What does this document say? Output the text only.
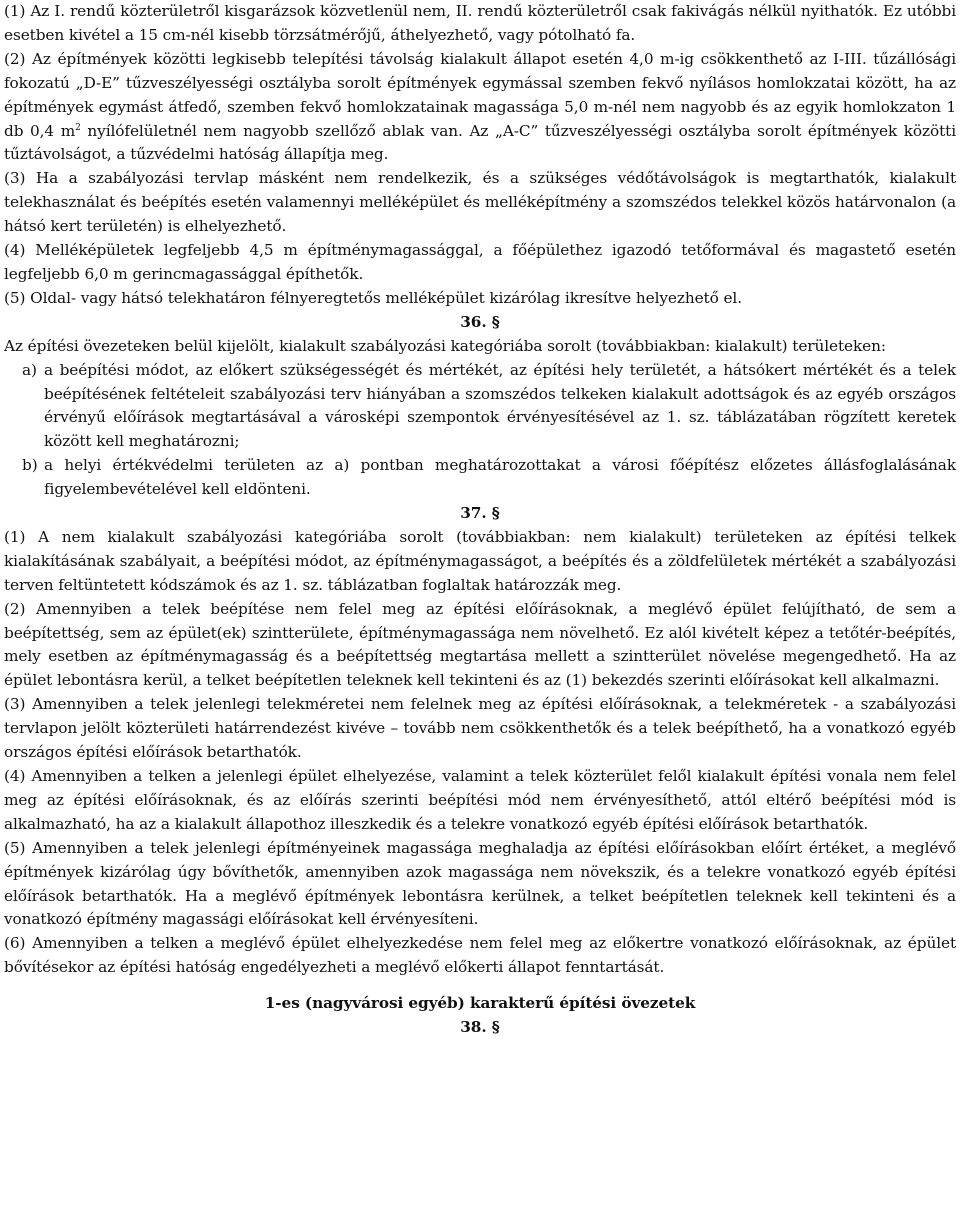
(1) Az I. rendű közterületről kisgarázsok közvetlenül nem, II. rendű közterületről csak fakivágás nélkül nyithatók. Ez utóbbi esetben kivétel a 15 cm-nél kisebb törzsátmérőjű, áthelyezhető, vagy pótolható fa.

(2) Az építmények közötti legkisebb telepítési távolság kialakult állapot esetén 4,0 m-ig csökkenthető az I-III. tűzállósági fokozatú „D-E” tűzveszélyességi osztályba sorolt építmények egymással szemben fekvő nyílásos homlokzatai között, ha az építmények egymást átfedő, szemben fekvő homlokzatainak magassága 5,0 m-nél nem nagyobb és az egyik homlokzaton 1 db 0,4 $m^2$ nyílófelületnél nem nagyobb szellőző ablak van. Az „A-C” tűzveszélyességi osztályba sorolt építmények közötti tűztávolságot, a tűzvédelmi hatóság állapítja meg.

(3) Ha a szabályozási tervlap másként nem rendelkezik, és a szükséges védőtávolságok is megtarthatók, kialakult telekhasználat és beépítés esetén valamennyi melléképület és melléképítmény a szomszédos telekkel közös határvonalon (a hátsó kert területén) is elhelyezhető.

(4) Melléképületek legfeljebb 4,5 m építménymagassággal, a főépülethez igazodó tetőformával és magastető esetén legfeljebb 6,0 m gerincmagassággal építhetők.

(5) Oldal- vagy hátsó telekhatáron félnyeregtetős melléképület kizárólag ikresítve helyezhető el.

36. §

Az építési övezeteken belül kijelölt, kialakult szabályozási kategóriába sorolt (továbbiakban: kialakult) területeken:

a) a beépítési módot, az előkert szükségességét és mértékét, az építési hely területét, a hátsókert mértékét és a telek beépítésének feltételeit szabályozási terv hiányában a szomszédos telkeken kialakult adottságok és az egyéb országos érvényű előírások megtartásával a városképi szempontok érvényesítésével az 1. sz. táblázatában rögzített keretek között kell meghatározni;

b) a helyi értékvédelmi területen az a) pontban meghatározottakat a városi főépítész előzetes állásfoglalásának figyelembevételével kell eldönteni.

37. §

(1) A nem kialakult szabályozási kategóriába sorolt (továbbiakban: nem kialakult) területeken az építési telkek kialakításának szabályait, a beépítési módot, az építménymagasságot, a beépítés és a zöldfelületek mértékét a szabályozási terven feltüntetett kódszámok és az 1. sz. táblázatban foglaltak határozzák meg.

(2) Amennyiben a telek beépítése nem felel meg az építési előírásoknak, a meglévő épület felújítható, de sem a beépítettség, sem az épület(ek) szintterülete, építménymagassága nem növelhető. Ez alól kivételt képez a tetőtér-beépítés, mely esetben az építménymagasság és a beépítettség megtartása mellett a szintterület növelése megengedhető. Ha az épület lebontásra kerül, a telket beépítetlen teleknek kell tekinteni és az (1) bekezdés szerinti előírásokat kell alkalmazni.

(3) Amennyiben a telek jelenlegi telekméretei nem felelnek meg az építési előírásoknak, a telekméretek - a szabályozási tervlapon jelölt közterületi határrendezést kivéve – tovább nem csökkenthetők és a telek beépíthető, ha a vonatkozó egyéb országos építési előírások betarthatók.

(4) Amennyiben a telken a jelenlegi épület elhelyezése, valamint a telek közterület felől kialakult építési vonala nem felel meg az építési előírásoknak, és az előírás szerinti beépítési mód nem érvényesíthető, attól eltérő beépítési mód is alkalmazható, ha az a kialakult állapothoz illeszkedik és a telekre vonatkozó egyéb építési előírások betarthatók.

(5) Amennyiben a telek jelenlegi építményeinek magassága meghaladja az építési előírásokban előírt értéket, a meglévő építmények kizárólag úgy bővíthetők, amennyiben azok magassága nem növekszik, és a telekre vonatkozó egyéb építési előírások betarthatók. Ha a meglévő építmények lebontásra kerülnek, a telket beépítetlen teleknek kell tekinteni és a vonatkozó építmény magassági előírásokat kell érvényesíteni.

(6) Amennyiben a telken a meglévő épület elhelyezkedése nem felel meg az előkertre vonatkozó előírásoknak, az épület bővítésekor az építési hatóság engedélyezheti a meglévő előkerti állapot fenntartását.

1-es (nagyvárosi egyéb) karakterű építési övezetek

38. §
